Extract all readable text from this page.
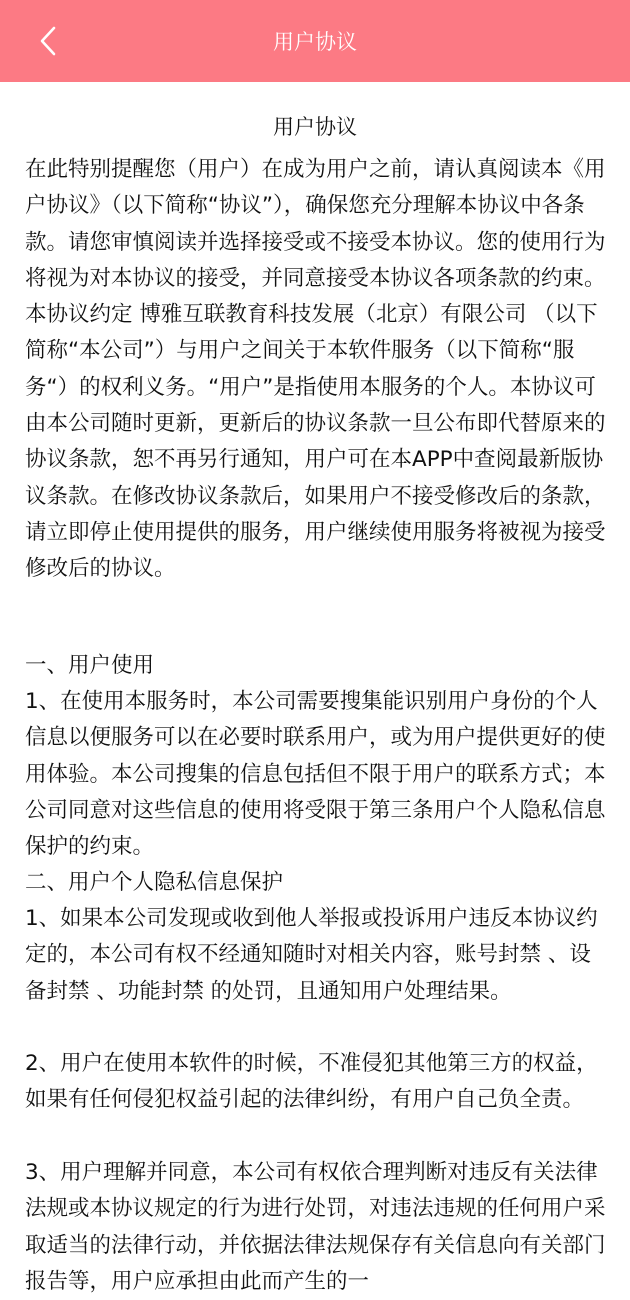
用户协议
用户协议

在此特别提醒您（用户）在成为用户之前，请认真阅读本《用户协议》（以下简称“协议”），确保您充分理解本协议中各条款。请您审慎阅读并选择接受或不接受本协议。您的使用行为将视为对本协议的接受，并同意接受本协议各项条款的约束。本协议约定 博雅互联教育科技发展（北京）有限公司 （以下简称“本公司”）与用户之间关于本软件服务（以下简称“服务“）的权利义务。“用户”是指使用本服务的个人。本协议可由本公司随时更新，更新后的协议条款一旦公布即代替原来的协议条款，恕不再另行通知，用户可在本APP中查阅最新版协议条款。在修改协议条款后，如果用户不接受修改后的条款，请立即停止使用提供的服务，用户继续使用服务将被视为接受修改后的协议。

一、用户使用

1、在使用本服务时，本公司需要搜集能识别用户身份的个人信息以便服务可以在必要时联系用户，或为用户提供更好的使用体验。本公司搜集的信息包括但不限于用户的联系方式；本公司同意对这些信息的使用将受限于第三条用户个人隐私信息保护的约束。

二、用户个人隐私信息保护

1、如果本公司发现或收到他人举报或投诉用户违反本协议约定的，本公司有权不经通知随时对相关内容，账号封禁 、设备封禁 、功能封禁 的处罚，且通知用户处理结果。

2、用户在使用本软件的时候，不准侵犯其他第三方的权益，如果有任何侵犯权益引起的法律纠纷，有用户自己负全责。

3、用户理解并同意，本公司有权依合理判断对违反有关法律法规或本协议规定的行为进行处罚，对违法违规的任何用户采取适当的法律行动，并依据法律法规保存有关信息向有关部门报告等，用户应承担由此而产生的一
